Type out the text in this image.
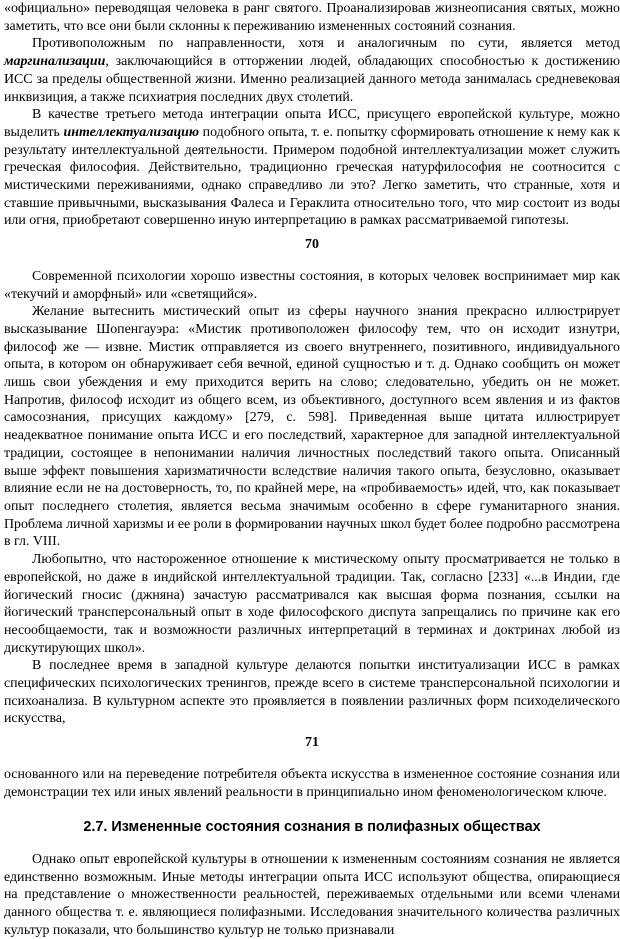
«официально» переводящая человека в ранг святого. Проанализировав жизнеописания святых, можно заметить, что все они были склонны к переживанию измененных состояний сознания.

Противоположным по направленности, хотя и аналогичным по сути, является метод маргинализации, заключающийся в отторжении людей, обладающих способностью к достижению ИСС за пределы общественной жизни. Именно реализацией данного метода занималась средневековая инквизиция, а также психиатрия последних двух столетий.

В качестве третьего метода интеграции опыта ИСС, присущего европейской культуре, можно выделить интеллектуализацию подобного опыта, т. е. попытку сформировать отношение к нему как к результату интеллектуальной деятельности. Примером подобной интеллектуализации может служить греческая философия. Действительно, традиционно греческая натурфилософия не соотносится с мистическими переживаниями, однако справедливо ли это? Легко заметить, что странные, хотя и ставшие привычными, высказывания Фалеса и Гераклита относительно того, что мир состоит из воды или огня, приобретают совершенно иную интерпретацию в рамках рассматриваемой гипотезы.

70

Современной психологии хорошо известны состояния, в которых человек воспринимает мир как «текучий и аморфный» или «светящийся».

Желание вытеснить мистический опыт из сферы научного знания прекрасно иллюстрирует высказывание Шопенгауэра: «Мистик противоположен философу тем, что он исходит изнутри, философ же — извне. Мистик отправляется из своего внутреннего, позитивного, индивидуального опыта, в котором он обнаруживает себя вечной, единой сущностью и т. д. Однако сообщить он может лишь свои убеждения и ему приходится верить на слово; следовательно, убедить он не может. Напротив, философ исходит из общего всем, из объективного, доступного всем явления и из фактов самосознания, присущих каждому» [279, с. 598]. Приведенная выше цитата иллюстрирует неадекватное понимание опыта ИСС и его последствий, характерное для западной интеллектуальной традиции, состоящее в непонимании наличия личностных последствий такого опыта. Описанный выше эффект повышения харизматичности вследствие наличия такого опыта, безусловно, оказывает влияние если не на достоверность, то, по крайней мере, на «пробиваемость» идей, что, как показывает опыт последнего столетия, является весьма значимым особенно в сфере гуманитарного знания. Проблема личной харизмы и ее роли в формировании научных школ будет более подробно рассмотрена в гл. VIII.

Любопытно, что настороженное отношение к мистическому опыту просматривается не только в европейской, но даже в индийской интеллектуальной традиции. Так, согласно [233] «...в Индии, где йогический гносис (джняна) зачастую рассматривался как высшая форма познания, ссылки на йогический трансперсональный опыт в ходе философского диспута запрещались по причине как его несообщаемости, так и возможности различных интерпретаций в терминах и доктринах любой из дискутирующих школ».

В последнее время в западной культуре делаются попытки институализации ИСС в рамках специфических психологических тренингов, прежде всего в системе трансперсональной психологии и психоанализа. В культурном аспекте это проявляется в появлении различных форм психоделического искусства,

71

основанного или на переведение потребителя объекта искусства в измененное состояние сознания или демонстрации тех или иных явлений реальности в принципиально ином феноменологическом ключе.

2.7. Измененные состояния сознания в полифазных обществах

Однако опыт европейской культуры в отношении к измененным состояниям сознания не является единственно возможным. Иные методы интеграции опыта ИСС используют общества, опирающиеся на представление о множественности реальностей, переживаемых отдельными или всеми членами данного общества т. е. являющиеся полифазными. Исследования значительного количества различных культур показали, что большинство культур не только признавали
